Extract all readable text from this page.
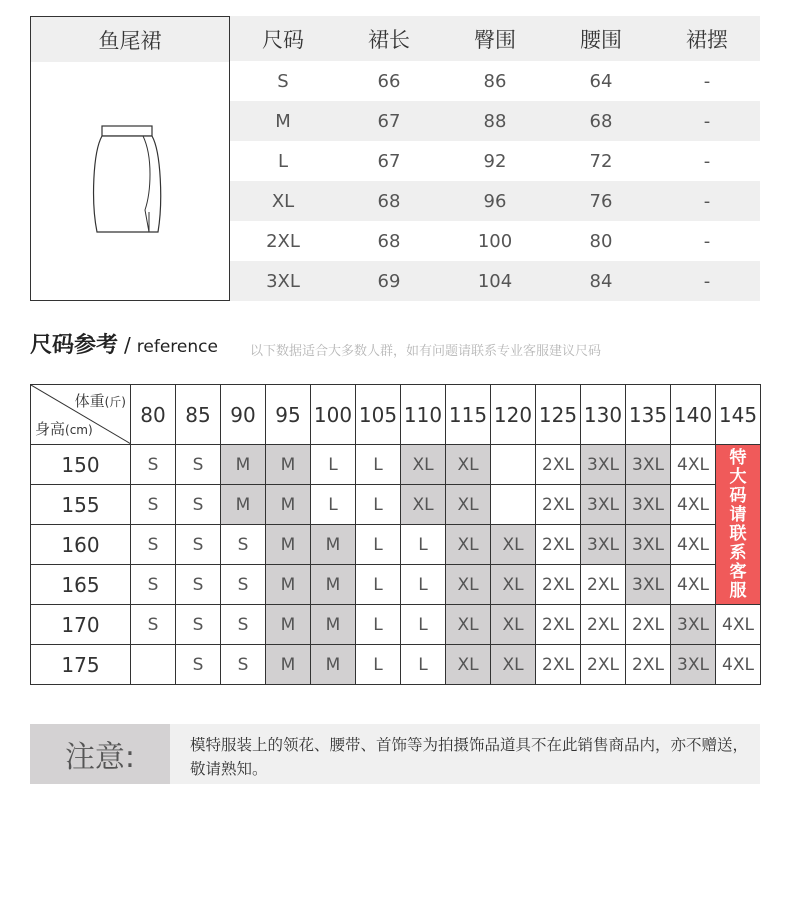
鱼尾裙	尺码	裙长	臀围	腰围	裙摆
S	66	86	64	-
M	67	88	68	-
L	67	92	72	-
XL	68	96	76	-
2XL	68	100	80	-
3XL	69	104	84	-
尺码参考 / reference 以下数据适合大多数人群，如有问题请联系专业客服建议尺码
体重(斤)
身高(cm)	80	85	90	95	100	105	110	115	120	125	130	135	140	145
150	S	S	M	M	L	L	XL	XL		2XL	3XL	3XL	4XL	特大码请联系客服
155	S	S	M	M	L	L	XL	XL		2XL	3XL	3XL	4XL	
160	S	S	S	M	M	L	L	XL	XL	2XL	3XL	3XL	4XL	
165	S	S	S	M	M	L	L	XL	XL	2XL	2XL	3XL	4XL	
170	S	S	S	M	M	L	L	XL	XL	2XL	2XL	2XL	3XL	4XL
175		S	S	M	M	L	L	XL	XL	2XL	2XL	2XL	3XL	4XL
注意:	模特服装上的领花、腰带、首饰等为拍摄饰品道具不在此销售商品内，亦不赠送，敬请熟知。
